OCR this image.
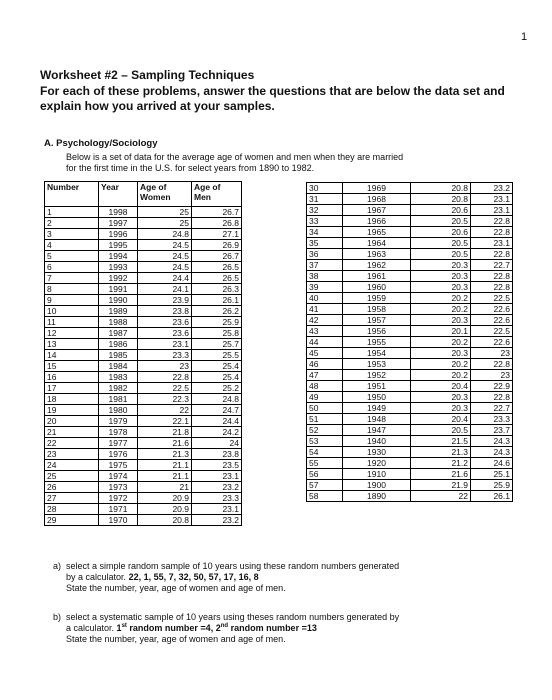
1
Worksheet #2 – Sampling Techniques
For each of these problems, answer the questions that are below the data set and explain how you arrived at your samples.
A. Psychology/Sociology
Below is a set of data for the average age of women and men when they are married
for the first time in the U.S. for select years from 1890 to 1982.
Number	Year	Age of Women	Age of Men
1	1998	25	26.7
2	1997	25	26.8
3	1996	24.8	27.1
4	1995	24.5	26.9
5	1994	24.5	26.7
6	1993	24.5	26.5
7	1992	24.4	26.5
8	1991	24.1	26.3
9	1990	23.9	26.1
10	1989	23.8	26.2
11	1988	23.6	25.9
12	1987	23.6	25.8
13	1986	23.1	25.7
14	1985	23.3	25.5
15	1984	23	25.4
16	1983	22.8	25.4
17	1982	22.5	25.2
18	1981	22.3	24.8
19	1980	22	24.7
20	1979	22.1	24.4
21	1978	21.8	24.2
22	1977	21.6	24
23	1976	21.3	23.8
24	1975	21.1	23.5
25	1974	21.1	23.1
26	1973	21	23.2
27	1972	20.9	23.3
28	1971	20.9	23.1
29	1970	20.8	23.2
30	1969	20.8	23.2
31	1968	20.8	23.1
32	1967	20.6	23.1
33	1966	20.5	22.8
34	1965	20.6	22.8
35	1964	20.5	23.1
36	1963	20.5	22.8
37	1962	20.3	22.7
38	1961	20.3	22.8
39	1960	20.3	22.8
40	1959	20.2	22.5
41	1958	20.2	22.6
42	1957	20.3	22.6
43	1956	20.1	22.5
44	1955	20.2	22.6
45	1954	20.3	23
46	1953	20.2	22.8
47	1952	20.2	23
48	1951	20.4	22.9
49	1950	20.3	22.8
50	1949	20.3	22.7
51	1948	20.4	23.3
52	1947	20.5	23.7
53	1940	21.5	24.3
54	1930	21.3	24.3
55	1920	21.2	24.6
56	1910	21.6	25.1
57	1900	21.9	25.9
58	1890	22	26.1
a) select a simple random sample of 10 years using these random numbers generated
by a calculator. 22, 1, 55, 7, 32, 50, 57, 17, 16, 8
State the number, year, age of women and age of men.
b) select a systematic sample of 10 years using theses random numbers generated by
a calculator. 1st random number =4, 2nd random number =13
State the number, year, age of women and age of men.
